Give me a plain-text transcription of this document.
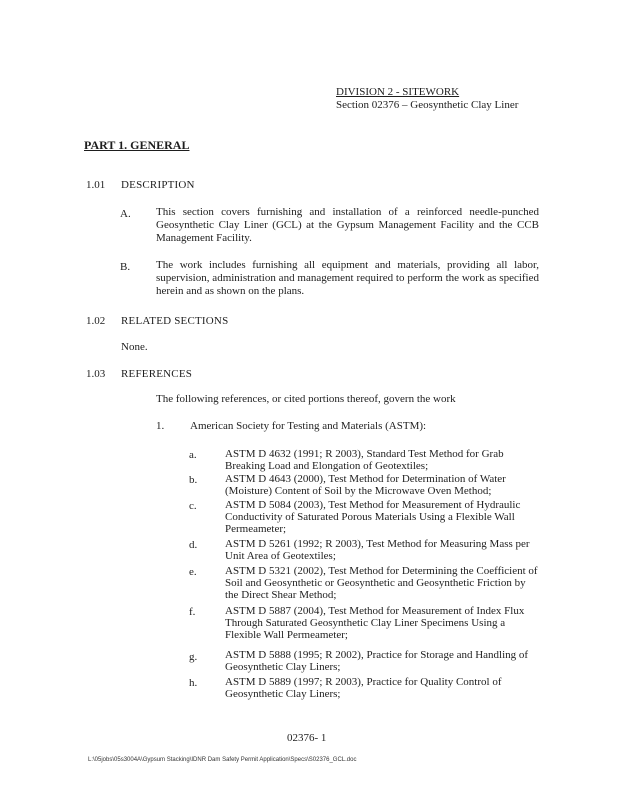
DIVISION 2 - SITEWORK
Section 02376 – Geosynthetic Clay Liner
PART 1. GENERAL
1.01 DESCRIPTION
A. This section covers furnishing and installation of a reinforced needle-punched Geosynthetic Clay Liner (GCL) at the Gypsum Management Facility and the CCB Management Facility.
B. The work includes furnishing all equipment and materials, providing all labor, supervision, administration and management required to perform the work as specified herein and as shown on the plans.
1.02 RELATED SECTIONS
None.
1.03 REFERENCES
The following references, or cited portions thereof, govern the work
1. American Society for Testing and Materials (ASTM):
a.	ASTM D 4632 (1991; R 2003), Standard Test Method for Grab Breaking Load and Elongation of Geotextiles;
b.	ASTM D 4643 (2000), Test Method for Determination of Water (Moisture) Content of Soil by the Microwave Oven Method;
c.	ASTM D 5084 (2003), Test Method for Measurement of Hydraulic Conductivity of Saturated Porous Materials Using a Flexible Wall Permeameter;
d.	ASTM D 5261 (1992; R 2003), Test Method for Measuring Mass per Unit Area of Geotextiles;
e.	ASTM D 5321 (2002), Test Method for Determining the Coefficient of Soil and Geosynthetic or Geosynthetic and Geosynthetic Friction by the Direct Shear Method;
f.	ASTM D 5887 (2004), Test Method for Measurement of Index Flux Through Saturated Geosynthetic Clay Liner Specimens Using a Flexible Wall Permeameter;
g.	ASTM D 5888 (1995; R 2002), Practice for Storage and Handling of Geosynthetic Clay Liners;
h.	ASTM D 5889 (1997; R 2003), Practice for Quality Control of Geosynthetic Clay Liners;
02376- 1
L:\05jobs\05s3004A\Gypsum Stacking\IDNR Dam Safety Permit Application\Specs\S02376_GCL.doc
